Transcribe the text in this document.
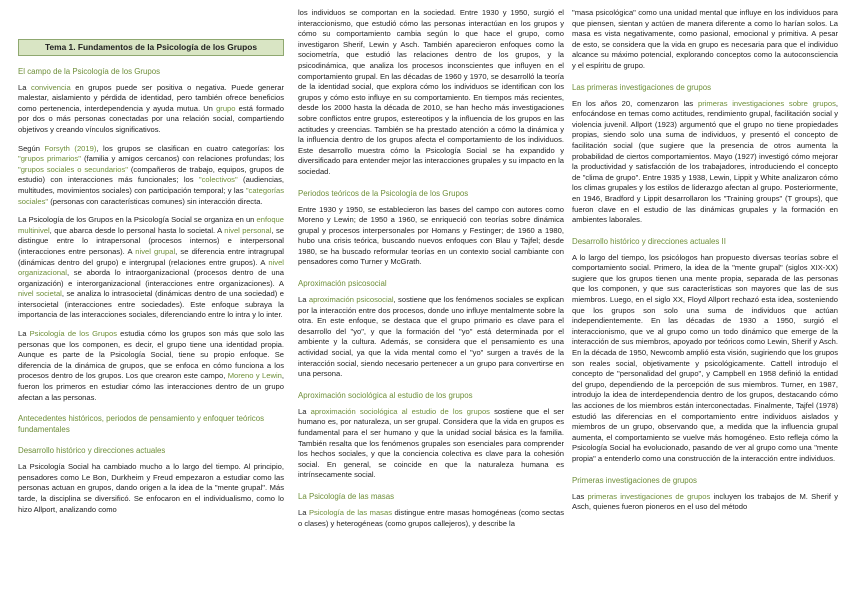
Tema 1. Fundamentos de la Psicología de los Grupos
El campo de la Psicología de los Grupos

La convivencia en grupos puede ser positiva o negativa. Puede generar malestar, aislamiento y pérdida de identidad, pero también ofrece beneficios como pertenencia, interdependencia y ayuda mutua. Un grupo está formado por dos o más personas conectadas por una relación social, compartiendo objetivos y creando vínculos significativos.

Según Forsyth (2019), los grupos se clasifican en cuatro categorías: los "grupos primarios" (familia y amigos cercanos) con relaciones profundas; los "grupos sociales o secundarios" (compañeros de trabajo, equipos, grupos de estudio) con interacciones más funcionales; los "colectivos" (audiencias, multitudes, movimientos sociales) con participación temporal; y las "categorías sociales" (personas con características comunes) sin interacción directa.

La Psicología de los Grupos en la Psicología Social se organiza en un enfoque multinivel, que abarca desde lo personal hasta lo societal. A nivel personal, se distingue entre lo intrapersonal (procesos internos) e interpersonal (interacciones entre personas). A nivel grupal, se diferencia entre intragrupal (dinámicas dentro del grupo) e intergrupal (relaciones entre grupos). A nivel organizacional, se aborda lo intraorganizacional (procesos dentro de una organización) e interorganizacional (interacciones entre organizaciones). A nivel societal, se analiza lo intrasocietal (dinámicas dentro de una sociedad) e intersocietal (interacciones entre sociedades). Este enfoque subraya la importancia de las interacciones sociales, diferenciando entre lo intra y lo inter.

La Psicología de los Grupos estudia cómo los grupos son más que solo las personas que los componen, es decir, el grupo tiene una identidad propia. Aunque es parte de la Psicología Social, tiene su propio enfoque. Se diferencia de la dinámica de grupos, que se enfoca en cómo funciona a los procesos dentro de los grupos. Los que crearon este campo, Moreno y Lewin, fueron los primeros en estudiar cómo las interacciones dentro de un grupo afectan a las personas.

Antecedentes históricos, periodos de pensamiento y enfoquer teóricos fundamentales
Desarrollo histórico y direcciones actuales

La Psicología Social ha cambiado mucho a lo largo del tiempo. Al principio, pensadores como Le Bon, Durkheim y Freud empezaron a estudiar como las personas actuan en grupos, dando origen a la idea de la "mente grupal". Más tarde, la disciplina se diversificó. Se enfocaron en el individualismo, como lo hizo Allport, analizando como

los individuos se comportan en la sociedad. Entre 1930 y 1950, surgió el interaccionismo, que estudió cómo las personas interactúan en los grupos y cómo su comportamiento cambia según lo que hace el grupo, como investigaron Sherif, Lewin y Asch. También aparecieron enfoques como la sociometría, que estudió las relaciones dentro de los grupos, y la psicodinámica, que analiza los procesos inconscientes que influyen en el comportamiento grupal. En las décadas de 1960 y 1970, se desarrolló la teoría de la identidad social, que explora cómo los individuos se identifican con los grupos y cómo esto influye en su comportamiento. En tiempos más recientes, desde los 2000 hasta la década de 2010, se han hecho más investigaciones sobre conflictos entre grupos, estereotipos y la influencia de los grupos en las actitudes y creencias. También se ha prestado atención a cómo la dinámica y la influencia dentro de los grupos afecta el comportamiento de los individuos. Este desarrollo muestra cómo la Psicología Social se ha expandido y diversificado para entender mejor las interacciones grupales y su impacto en la sociedad.

Periodos teóricos de la Psicología de los Grupos

Entre 1930 y 1950, se establecieron las bases del campo con autores como Moreno y Lewin; de 1950 a 1960, se enriqueció con teorías sobre dinámica grupal y procesos interpersonales por Homans y Festinger; de 1960 a 1980, hubo una crisis teórica, buscando nuevos enfoques con Blau y Tajfel; desde 1980, se ha buscado reformular teorías en un contexto social cambiante con pensadores como Turner y McGrath.

Aproximación psicosocial

La aproximación psicosocial, sostiene que los fenómenos sociales se explican por la interacción entre dos procesos, donde uno influye mentalmente sobre la otra. En este enfoque, se destaca que el grupo primario es clave para el desarrollo del "yo", y que la formación del "yo" está determinada por el ambiente y la cultura. Además, se considera que el pensamiento es una actividad social, ya que la vida mental como el "yo" surgen a través de la interacción social, siendo necesario pertenecer a un grupo para convertirse en una persona.

Aproximación sociológica al estudio de los grupos

La aproximación sociológica al estudio de los grupos sostiene que el ser humano es, por naturaleza, un ser grupal. Considera que la vida en grupos es fundamental para el ser humano y que la unidad social básica es la familia. También resalta que los fenómenos grupales son esenciales para comprender los hechos sociales, y que la conciencia colectiva es clave para la cohesión social. En general, se coincide en que la naturaleza humana es intrínsecamente social.

La Psicología de las masas

La Psicología de las masas distingue entre masas homogéneas (como sectas o clases) y heterogéneas (como grupos callejeros), y describe la

"masa psicológica" como una unidad mental que influye en los individuos para que piensen, sientan y actúen de manera diferente a como lo harían solos. La masa es vista negativamente, como pasional, emocional y primitiva. A pesar de esto, se considera que la vida en grupo es necesaria para que el individuo alcance su máximo potencial, explorando conceptos como la autoconsciencia y el espíritu de grupo.

Las primeras investigaciones de grupos

En los años 20, comenzaron las primeras investigaciones sobre grupos, enfocándose en temas como actitudes, rendimiento grupal, facilitación social y violencia juvenil. Allport (1923) argumentó que el grupo no tiene propiedades propias, siendo solo una suma de individuos, y presentó el concepto de facilitación social (que sugiere que la presencia de otros aumenta la probabilidad de ciertos comportamientos. Mayo (1927) investigó cómo mejorar la productividad y satisfacción de los trabajadores, introduciendo el concepto de "clima de grupo". Entre 1935 y 1938, Lewin, Lippit y White analizaron cómo los climas grupales y los estilos de liderazgo afectan al grupo. Posteriormente, en 1946, Bradford y Lippit desarrollaron los "Training groups" (T groups), que fueron clave en el estudio de las dinámicas grupales y la formación en ambientes laborales.

Desarrollo histórico y direcciones actuales II

A lo largo del tiempo, los psicólogos han propuesto diversas teorías sobre el comportamiento social. Primero, la idea de la "mente grupal" (siglos XIX-XX) sugiere que los grupos tienen una mente propia, separada de las personas que los componen, y que sus características son mayores que las de sus miembros. Luego, en el siglo XX, Floyd Allport rechazó esta idea, sosteniendo que los grupos son solo una suma de individuos que actúan independientemente. En las décadas de 1930 a 1950, surgió el interaccionismo, que ve al grupo como un todo dinámico que emerge de la interacción de sus miembros, apoyado por teóricos como Lewin, Sherif y Asch. En la década de 1950, Newcomb amplió esta visión, sugiriendo que los grupos son reales social, objetivamente y psicológicamente. Cattell introdujo el concepto de "personalidad del grupo", y Campbell en 1958 definió la entidad del grupo, dependiendo de la percepción de sus miembros. Turner, en 1987, introdujo la idea de interdependencia dentro de los grupos, destacando cómo las acciones de los miembros están interconectadas. Finalmente, Tajfel (1978) estudió las diferencias en el comportamiento entre individuos aislados y miembros de un grupo, observando que, a medida que la influencia grupal aumenta, el comportamiento se vuelve más homogéneo. Esto refleja cómo la Psicología Social ha evolucionado, pasando de ver al grupo como una "mente propia" a entenderlo como una construcción de la interacción entre individuos.

Primeras investigaciones de grupos

Las primeras investigaciones de grupos incluyen los trabajos de M. Sherif y Asch, quienes fueron pioneros en el uso del método
